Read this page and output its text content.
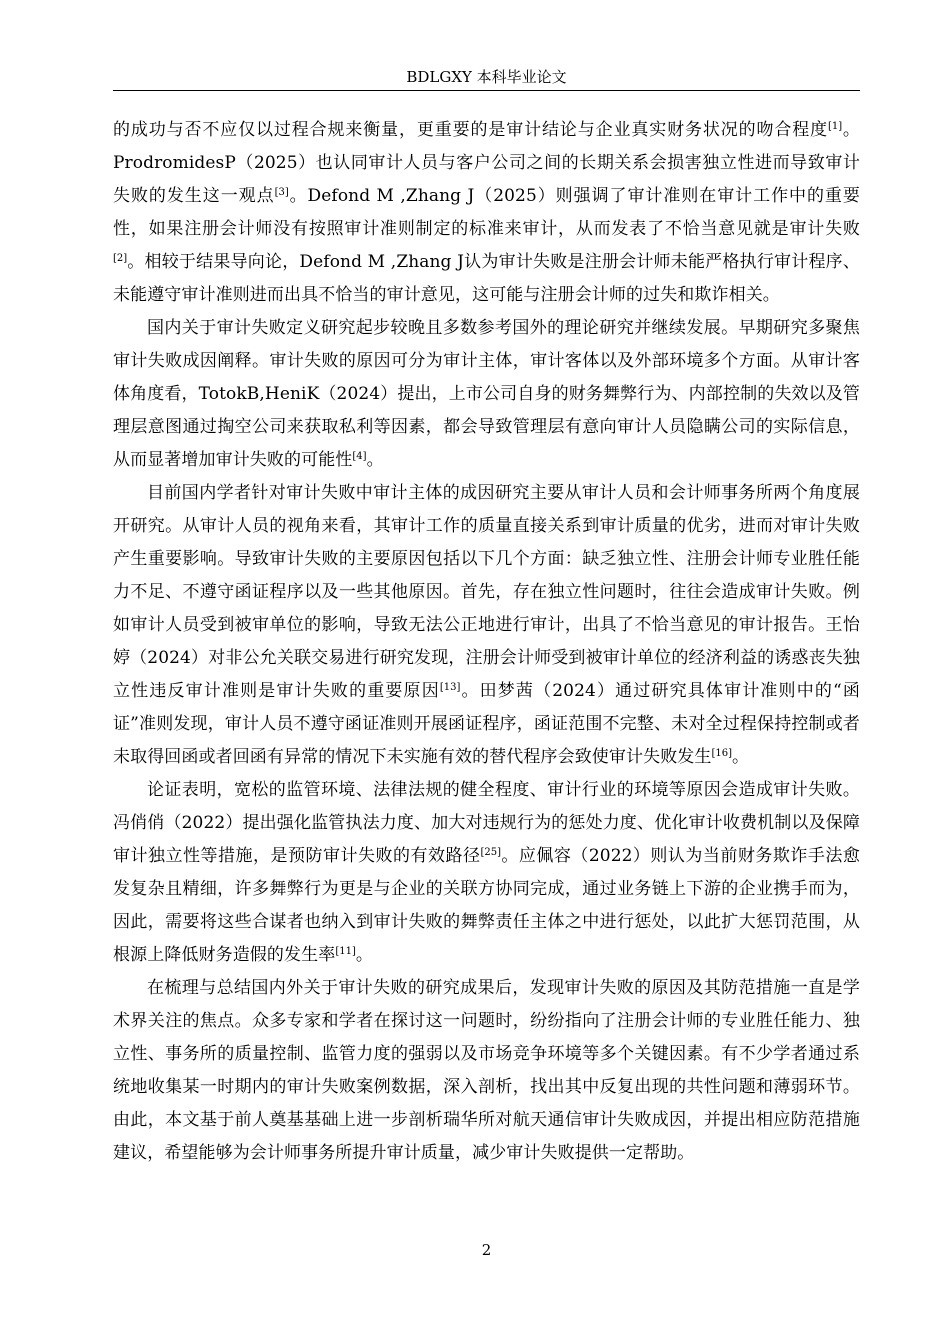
BDLGXY 本科毕业论文

的成功与否不应仅以过程合规来衡量，更重要的是审计结论与企业真实财务状况的吻合程度[1]。ProdromidesP（2025）也认同审计人员与客户公司之间的长期关系会损害独立性进而导致审计失败的发生这一观点[3]。Defond M ,Zhang J（2025）则强调了审计准则在审计工作中的重要性，如果注册会计师没有按照审计准则制定的标准来审计，从而发表了不恰当意见就是审计失败[2]。相较于结果导向论，Defond M ,Zhang J认为审计失败是注册会计师未能严格执行审计程序、未能遵守审计准则进而出具不恰当的审计意见，这可能与注册会计师的过失和欺诈相关。

国内关于审计失败定义研究起步较晚且多数参考国外的理论研究并继续发展。早期研究多聚焦审计失败成因阐释。审计失败的原因可分为审计主体，审计客体以及外部环境多个方面。从审计客体角度看，TotokB,HeniK（2024）提出，上市公司自身的财务舞弊行为、内部控制的失效以及管理层意图通过掏空公司来获取私利等因素，都会导致管理层有意向审计人员隐瞒公司的实际信息，从而显著增加审计失败的可能性[4]。

目前国内学者针对审计失败中审计主体的成因研究主要从审计人员和会计师事务所两个角度展开研究。从审计人员的视角来看，其审计工作的质量直接关系到审计质量的优劣，进而对审计失败产生重要影响。导致审计失败的主要原因包括以下几个方面：缺乏独立性、注册会计师专业胜任能力不足、不遵守函证程序以及一些其他原因。首先，存在独立性问题时，往往会造成审计失败。例如审计人员受到被审单位的影响，导致无法公正地进行审计，出具了不恰当意见的审计报告。王怡婷（2024）对非公允关联交易进行研究发现，注册会计师受到被审计单位的经济利益的诱惑丧失独立性违反审计准则是审计失败的重要原因[13]。田梦茜（2024）通过研究具体审计准则中的“函证”准则发现，审计人员不遵守函证准则开展函证程序，函证范围不完整、未对全过程保持控制或者未取得回函或者回函有异常的情况下未实施有效的替代程序会致使审计失败发生[16]。

论证表明，宽松的监管环境、法律法规的健全程度、审计行业的环境等原因会造成审计失败。冯俏俏（2022）提出强化监管执法力度、加大对违规行为的惩处力度、优化审计收费机制以及保障审计独立性等措施，是预防审计失败的有效路径[25]。应佩容（2022）则认为当前财务欺诈手法愈发复杂且精细，许多舞弊行为更是与企业的关联方协同完成，通过业务链上下游的企业携手而为，因此，需要将这些合谋者也纳入到审计失败的舞弊责任主体之中进行惩处，以此扩大惩罚范围，从根源上降低财务造假的发生率[11]。

在梳理与总结国内外关于审计失败的研究成果后，发现审计失败的原因及其防范措施一直是学术界关注的焦点。众多专家和学者在探讨这一问题时，纷纷指向了注册会计师的专业胜任能力、独立性、事务所的质量控制、监管力度的强弱以及市场竞争环境等多个关键因素。有不少学者通过系统地收集某一时期内的审计失败案例数据，深入剖析，找出其中反复出现的共性问题和薄弱环节。由此，本文基于前人奠基基础上进一步剖析瑞华所对航天通信审计失败成因，并提出相应防范措施建议，希望能够为会计师事务所提升审计质量，减少审计失败提供一定帮助。

2
